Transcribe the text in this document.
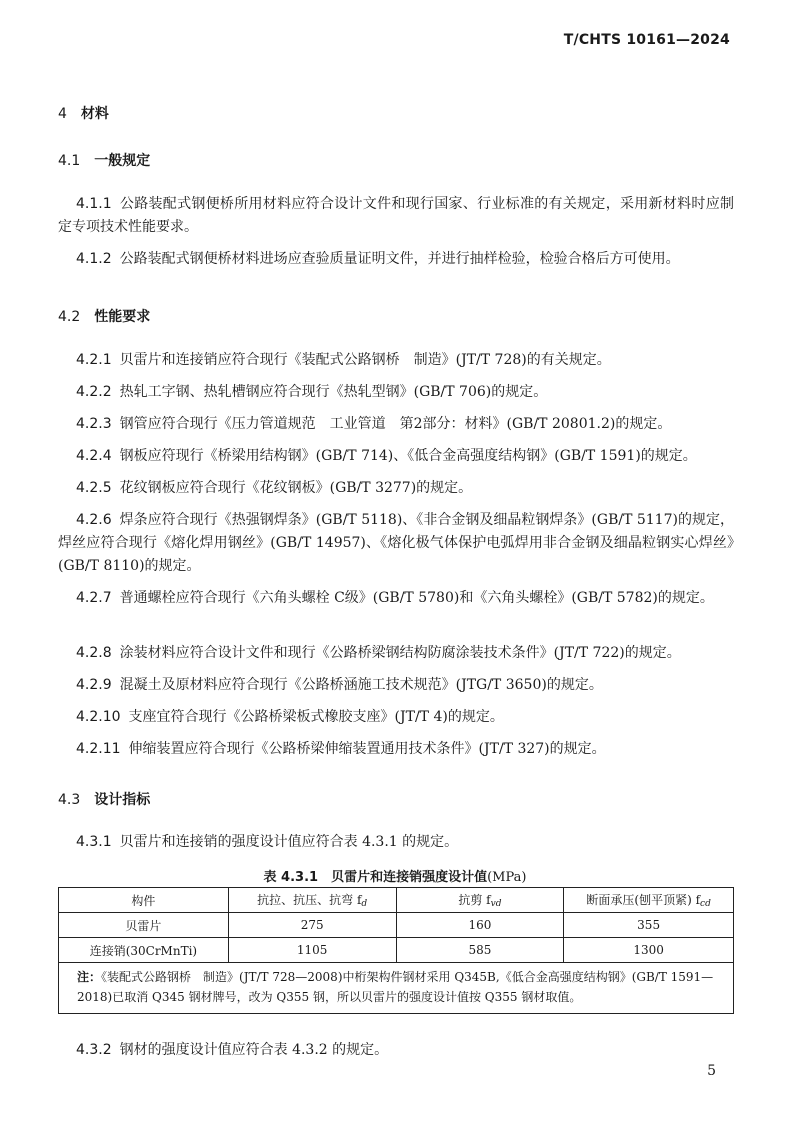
T/CHTS 10161—2024
4 材料
4.1 一般规定
4.1.1 公路装配式钢便桥所用材料应符合设计文件和现行国家、行业标准的有关规定，采用新材料时应制定专项技术性能要求。
4.1.2 公路装配式钢便桥材料进场应查验质量证明文件，并进行抽样检验，检验合格后方可使用。
4.2 性能要求
4.2.1 贝雷片和连接销应符合现行《装配式公路钢桥　制造》(JT/T 728)的有关规定。
4.2.2 热轧工字钢、热轧槽钢应符合现行《热轧型钢》(GB/T 706)的规定。
4.2.3 钢管应符合现行《压力管道规范　工业管道　第2部分：材料》(GB/T 20801.2)的规定。
4.2.4 钢板应符现行《桥梁用结构钢》(GB/T 714)、《低合金高强度结构钢》(GB/T 1591)的规定。
4.2.5 花纹钢板应符合现行《花纹钢板》(GB/T 3277)的规定。
4.2.6 焊条应符合现行《热强钢焊条》(GB/T 5118)、《非合金钢及细晶粒钢焊条》(GB/T 5117)的规定，焊丝应符合现行《熔化焊用钢丝》(GB/T 14957)、《熔化极气体保护电弧焊用非合金钢及细晶粒钢实心焊丝》(GB/T 8110)的规定。
4.2.7 普通螺栓应符合现行《六角头螺栓 C级》(GB/T 5780)和《六角头螺栓》(GB/T 5782)的规定。
4.2.8 涂装材料应符合设计文件和现行《公路桥梁钢结构防腐涂装技术条件》(JT/T 722)的规定。
4.2.9 混凝土及原材料应符合现行《公路桥涵施工技术规范》(JTG/T 3650)的规定。
4.2.10 支座宜符合现行《公路桥梁板式橡胶支座》(JT/T 4)的规定。
4.2.11 伸缩装置应符合现行《公路桥梁伸缩装置通用技术条件》(JT/T 327)的规定。
4.3 设计指标
4.3.1 贝雷片和连接销的强度设计值应符合表 4.3.1 的规定。
表 4.3.1　贝雷片和连接销强度设计值(MPa)
构件	抗拉、抗压、抗弯 $f_d$	抗剪 $f_{vd}$	断面承压(刨平顶紧) $f_{cd}$
贝雷片	275	160	355
连接销(30CrMnTi)	1105	585	1300
注：《装配式公路钢桥　制造》(JT/T 728—2008)中桁架构件钢材采用 Q345B,《低合金高强度结构钢》(GB/T 1591—2018)已取消 Q345 钢材牌号，改为 Q355 钢，所以贝雷片的强度设计值按 Q355 钢材取值。			
4.3.2 钢材的强度设计值应符合表 4.3.2 的规定。
5
